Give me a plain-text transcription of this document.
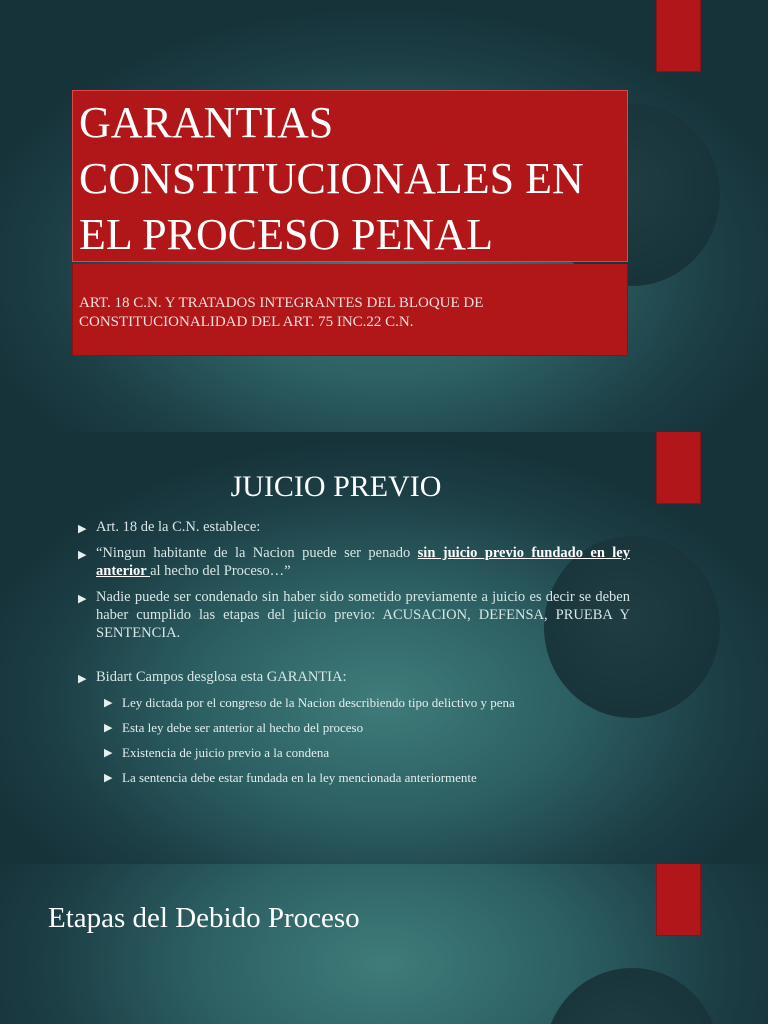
GARANTIAS CONSTITUCIONALES EN EL PROCESO PENAL
ART. 18 C.N. Y TRATADOS INTEGRANTES DEL BLOQUE DE CONSTITUCIONALIDAD DEL ART. 75 INC.22 C.N.
JUICIO PREVIO
▶ Art. 18 de la C.N. establece:
▶ “Ningun habitante de la Nacion puede ser penado sin juicio previo fundado en ley anterior al hecho del Proceso…”
▶ Nadie puede ser condenado sin haber sido sometido previamente a juicio es decir se deben haber cumplido las etapas del juicio previo: ACUSACION, DEFENSA, PRUEBA Y SENTENCIA.
▶ Bidart Campos desglosa esta GARANTIA:
▶ Ley dictada por el congreso de la Nacion describiendo tipo delictivo y pena
▶ Esta ley debe ser anterior al hecho del proceso
▶ Existencia de juicio previo a la condena
▶ La sentencia debe estar fundada en la ley mencionada anteriormente
Etapas del Debido Proceso
